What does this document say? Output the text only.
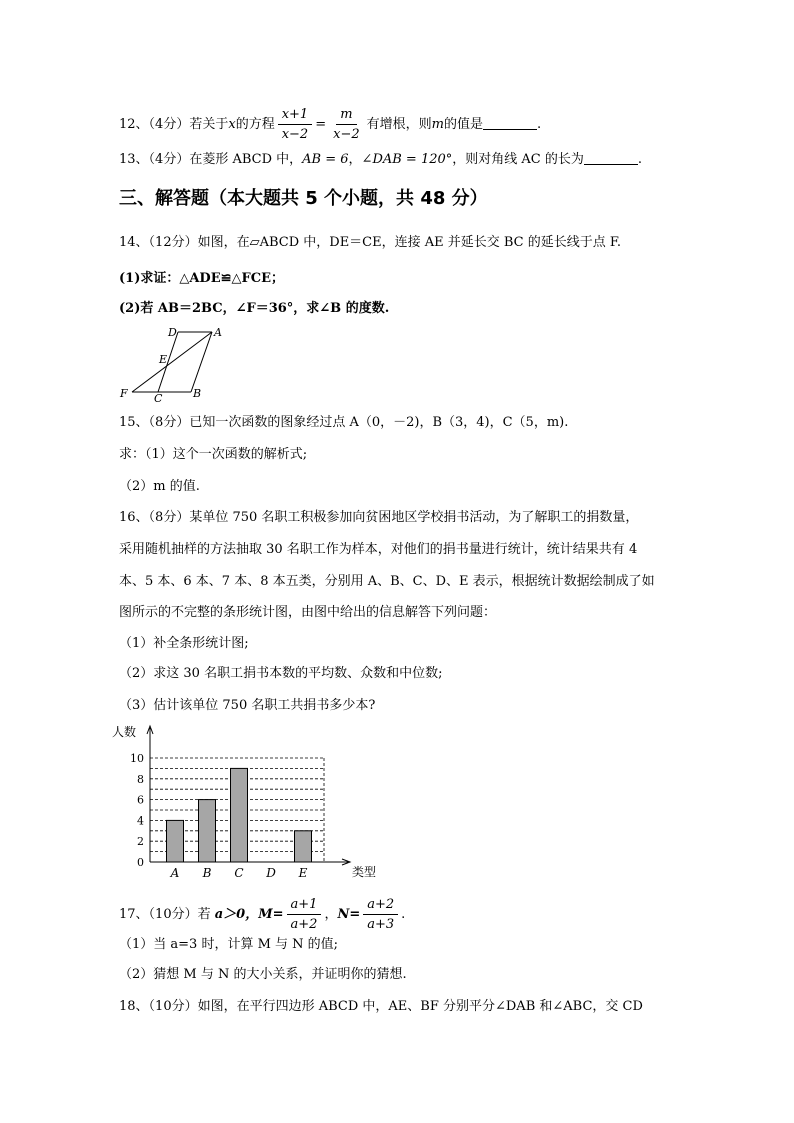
12、（4分）若关于x的方程 $\frac{x+1}{x-2} = \frac{m}{x-2}$ 有增根，则m的值是	.
13、（4分）在菱形 ABCD 中，AB = 6，∠DAB = 120°，则对角线 AC 的长为	.
三、解答题（本大题共 5 个小题，共 48 分）
14、（12分）如图，在▱ABCD 中，DE＝CE，连接 AE 并延长交 BC 的延长线于点 F.
(1)求证：△ADE≌△FCE；
(2)若 AB＝2BC，∠F＝36°，求∠B 的度数.
D	A
E
F C	B
15、（8分）已知一次函数的图象经过点 A（0，－2)，B（3，4)，C（5，m).
求：（1）这个一次函数的解析式;
（2）m 的值.
16、（8分）某单位 750 名职工积极参加向贫困地区学校捐书活动，为了解职工的捐数量，
采用随机抽样的方法抽取 30 名职工作为样本，对他们的捐书量进行统计，统计结果共有 4
本、5 本、6 本、7 本、8 本五类，分别用 A、B、C、D、E 表示，根据统计数据绘制成了如
图所示的不完整的条形统计图，由图中给出的信息解答下列问题：
（1）补全条形统计图;
（2）求这 30 名职工捐书本数的平均数、众数和中位数;
（3）估计该单位 750 名职工共捐书多少本?
0
2
4
6
8
10
人数
类型
A B C D E
17、（10分）若 a＞0，$M= \frac{a+1}{a+2}$ ，$N= \frac{a+2}{a+3}$ .
（1）当 a=3 时，计算 M 与 N 的值;
（2）猜想 M 与 N 的大小关系，并证明你的猜想.
18、（10分）如图，在平行四边形 ABCD 中，AE、BF 分别平分∠DAB 和∠ABC，交 CD
